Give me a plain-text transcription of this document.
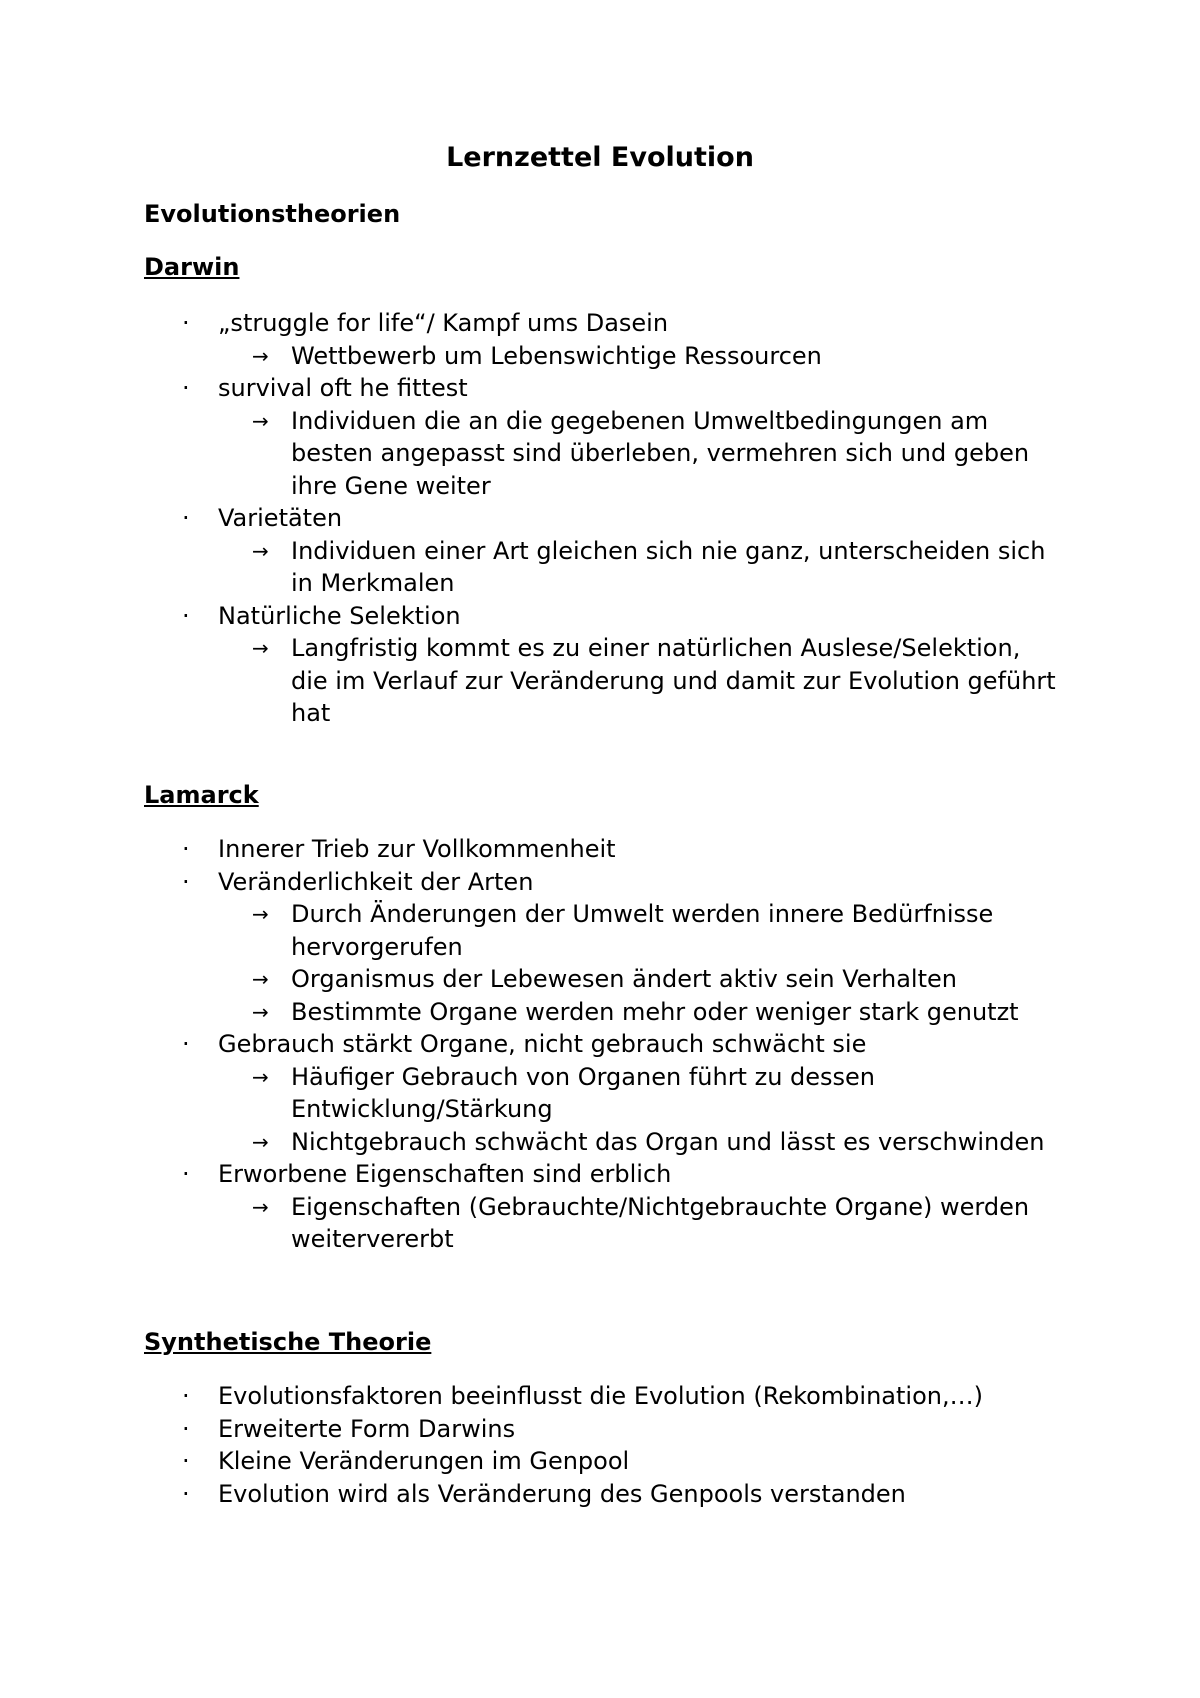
Lernzettel Evolution
Evolutionstheorien
Darwin
· „struggle for life“/ Kampf ums Dasein
→ Wettbewerb um Lebenswichtige Ressourcen
· survival oft he fittest
→ Individuen die an die gegebenen Umweltbedingungen am besten angepasst sind überleben, vermehren sich und geben ihre Gene weiter
· Varietäten
→ Individuen einer Art gleichen sich nie ganz, unterscheiden sich in Merkmalen
· Natürliche Selektion
→ Langfristig kommt es zu einer natürlichen Auslese/Selektion, die im Verlauf zur Veränderung und damit zur Evolution geführt hat
Lamarck
· Innerer Trieb zur Vollkommenheit
· Veränderlichkeit der Arten
→ Durch Änderungen der Umwelt werden innere Bedürfnisse hervorgerufen
→ Organismus der Lebewesen ändert aktiv sein Verhalten
→ Bestimmte Organe werden mehr oder weniger stark genutzt
· Gebrauch stärkt Organe, nicht gebrauch schwächt sie
→ Häufiger Gebrauch von Organen führt zu dessen Entwicklung/Stärkung
→ Nichtgebrauch schwächt das Organ und lässt es verschwinden
· Erworbene Eigenschaften sind erblich
→ Eigenschaften (Gebrauchte/Nichtgebrauchte Organe) werden weitervererbt
Synthetische Theorie
· Evolutionsfaktoren beeinflusst die Evolution (Rekombination,…)
· Erweiterte Form Darwins
· Kleine Veränderungen im Genpool
· Evolution wird als Veränderung des Genpools verstanden
